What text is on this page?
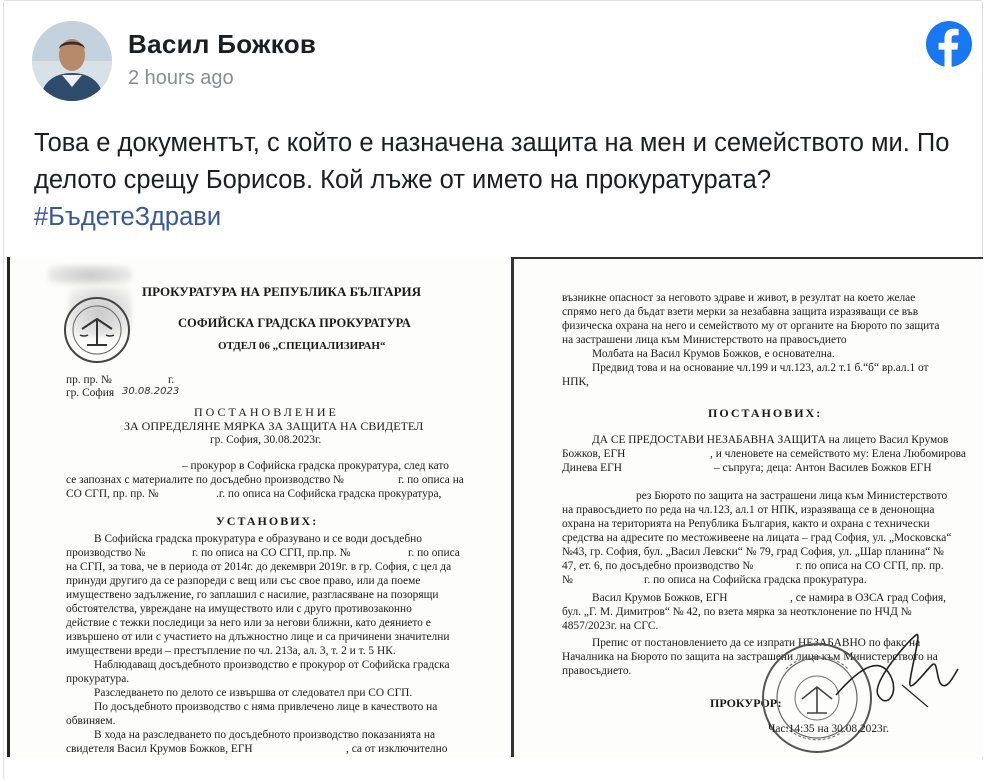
Васил Божков
2 hours ago
Това е документът, с който е назначена защита на мен и семейството ми. По делото срещу Борисов. Кой лъже от името на прокуратурата?
#БъдетеЗдрави
ПРОКУРАТУРА НА РЕПУБЛИКА БЪЛГАРИЯ
СОФИЙСКА ГРАДСКА ПРОКУРАТУРА
ОТДЕЛ 06 „СПЕЦИАЛИЗИРАН“
пр. пр. №	г.
гр. София 30.08.2023
ПОСТАНОВЛЕНИЕ
ЗА ОПРЕДЕЛЯНЕ МЯРКА ЗА ЗАЩИТА НА СВИДЕТЕЛ
гр. София, 30.08.2023г.
– прокурор в Софийска градска прокуратура, след като
се запознах с материалите по досъдебно производство №	г. по описа на
СО СГП, пр. пр. №	.г. по описа на Софийска градска прокуратура,
УСТАНОВИХ:
В Софийска градска прокуратура е образувано и се води досъдебно
производство №	г. по описа на СО СГП, пр.пр. №	г. по описа
на СГП, за това, че в периода от 2014г. до декември 2019г. в гр. София, с цел да
принуди другиго да се разпореди с вещ или със свое право, или да поеме
имуществено задължение, го заплашил с насилие, разгласяване на позорящи
обстоятелства, увреждане на имуществото или с друго противозаконно
действие с тежки последици за него или за негови ближни, като деянието е
извършено от или с участието на длъжностно лице и са причинени значителни
имуществени вреди – престъпление по чл. 213а, ал. 3, т. 2 и т. 5 НК.
Наблюдаващ досъдебното производство е прокурор от Софийска градска
прокуратура.
Разследването по делото се извършва от следовател при СО СГП.
По досъдебното производство с няма привлечено лице в качеството на
обвиняем.
В хода на разследването по досъдебното производство показанията на
свидетеля Васил Крумов Божков, ЕГН	, са от изключително
възникне опасност за неговото здраве и живот, в резултат на което желае
спрямо него да бъдат взети мерки за незабавна защита изразяващи се във
физическа охрана на него и семейството му от органите на Бюрото по защита
на застрашени лица към Министерството на правосъдието
Молбата на Васил Крумов Божков, е основателна.
Предвид това и на основание чл.199 и чл.123, ал.2 т.1 б.“б“ вр.ал.1 от
НПК,
ПОСТАНОВИХ:
ДА СЕ ПРЕДОСТАВИ НЕЗАБАВНА ЗАЩИТА на лицето Васил Крумов
Божков, ЕГН	, и членовете на семейството му: Елена Любомирова
Динева ЕГН	– съпруга; деца: Антон Василев Божков ЕГН
рез Бюрото по защита на застрашени лица към Министерството
на правосъдието по реда на чл.123, ал.1 от НПК, изразяваща се в денонощна
охрана на територията на Република България, както и охрана с технически
средства на адресите по местоживеене на лицата – град София, ул. „Московска“
№43, гр. София, бул. „Васил Левски“ № 79, град София, ул. „Шар планина“ №
47, ет. 6, по досъдебно производство №	г. по описа на СО СГП, пр. пр.
№	г. по описа на Софийска градска прокуратура.
Васил Крумов Божков, ЕГН	, се намира в ОЗСА град София,
бул. „Г. М. Димитров“ № 42, по взета мярка за неотклонение по НЧД №
4857/2023г. на СГС.
Препис от постановлението да се изпрати НЕЗАБАВНО по факс на
Началника на Бюрото по защита на застрашени лица към Министерството на
правосъдието.
ПРОКУРОР:
Час:14:35 на 30.08.2023г.
